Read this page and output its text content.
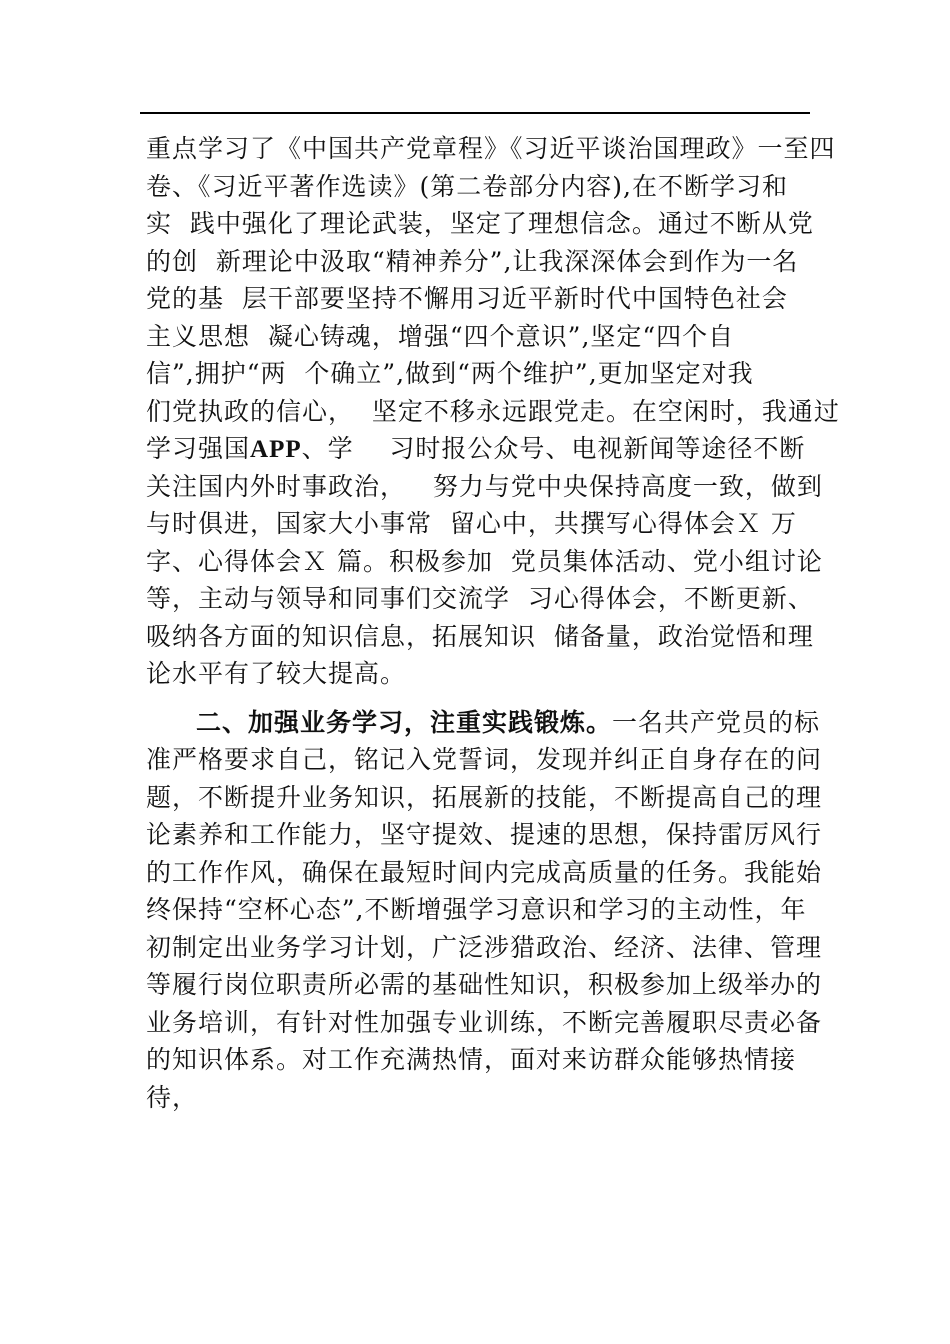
重点学习了《中国共产党章程》《习近平谈治国理政》一至四
卷、《习近平著作选读》(第二卷部分内容),在不断学习和
实  践中强化了理论武装，坚定了理想信念。通过不断从党
的创  新理论中汲取“精神养分”,让我深深体会到作为一名
党的基  层干部要坚持不懈用习近平新时代中国特色社会
主义思想  凝心铸魂，增强“四个意识”,坚定“四个自
信”,拥护“两  个确立”,做到“两个维护”,更加坚定对我
们党执政的信心，  坚定不移永远跟党走。在空闲时，我通过
学习强国APP、学    习时报公众号、电视新闻等途径不断
关注国内外时事政治，   努力与党中央保持高度一致，做到
与时俱进，国家大小事常  留心中，共撰写心得体会Ｘ 万
字、心得体会Ｘ 篇。积极参加  党员集体活动、党小组讨论
等，主动与领导和同事们交流学  习心得体会，不断更新、
吸纳各方面的知识信息，拓展知识  储备量，政治觉悟和理
论水平有了较大提高。
二、加强业务学习，注重实践锻炼。一名共产党员的标
准严格要求自己，铭记入党誓词，发现并纠正自身存在的问
题，不断提升业务知识，拓展新的技能，不断提高自己的理
论素养和工作能力，坚守提效、提速的思想，保持雷厉风行
的工作作风，确保在最短时间内完成高质量的任务。我能始
终保持“空杯心态”,不断增强学习意识和学习的主动性，年
初制定出业务学习计划，广泛涉猎政治、经济、法律、管理
等履行岗位职责所必需的基础性知识，积极参加上级举办的
业务培训，有针对性加强专业训练，不断完善履职尽责必备
的知识体系。对工作充满热情，面对来访群众能够热情接
待，
